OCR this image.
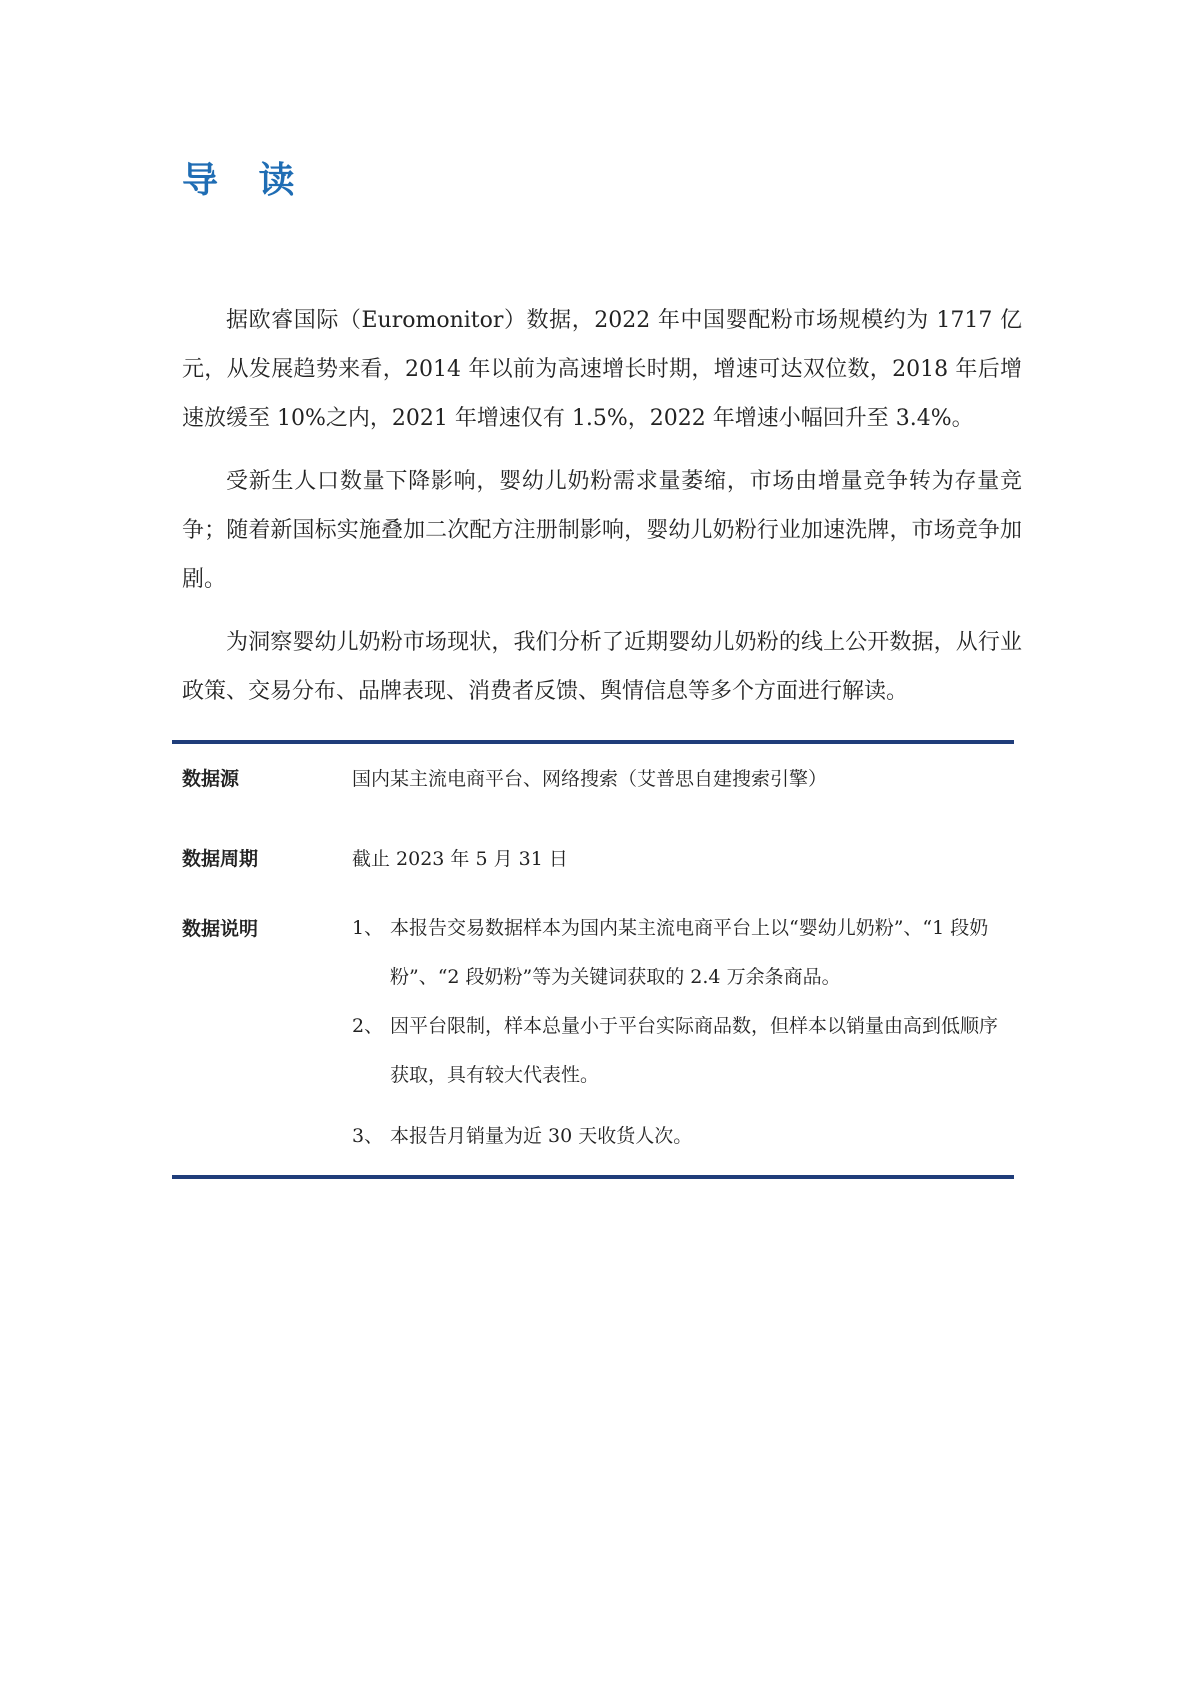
导 读

据欧睿国际（Euromonitor）数据，2022 年中国婴配粉市场规模约为 1717 亿元，从发展趋势来看，2014 年以前为高速增长时期，增速可达双位数，2018 年后增速放缓至 10%之内，2021 年增速仅有 1.5%，2022 年增速小幅回升至 3.4%。

受新生人口数量下降影响，婴幼儿奶粉需求量萎缩，市场由增量竞争转为存量竞争；随着新国标实施叠加二次配方注册制影响，婴幼儿奶粉行业加速洗牌，市场竞争加剧。

为洞察婴幼儿奶粉市场现状，我们分析了近期婴幼儿奶粉的线上公开数据，从行业政策、交易分布、品牌表现、消费者反馈、舆情信息等多个方面进行解读。

数据源	国内某主流电商平台、网络搜索（艾普思自建搜索引擎）
数据周期	截止 2023 年 5 月 31 日
数据说明	1、 本报告交易数据样本为国内某主流电商平台上以“婴幼儿奶粉”、“1 段奶粉”、“2 段奶粉”等为关键词获取的 2.4 万余条商品。
2、 因平台限制，样本总量小于平台实际商品数，但样本以销量由高到低顺序获取，具有较大代表性。
3、 本报告月销量为近 30 天收货人次。
